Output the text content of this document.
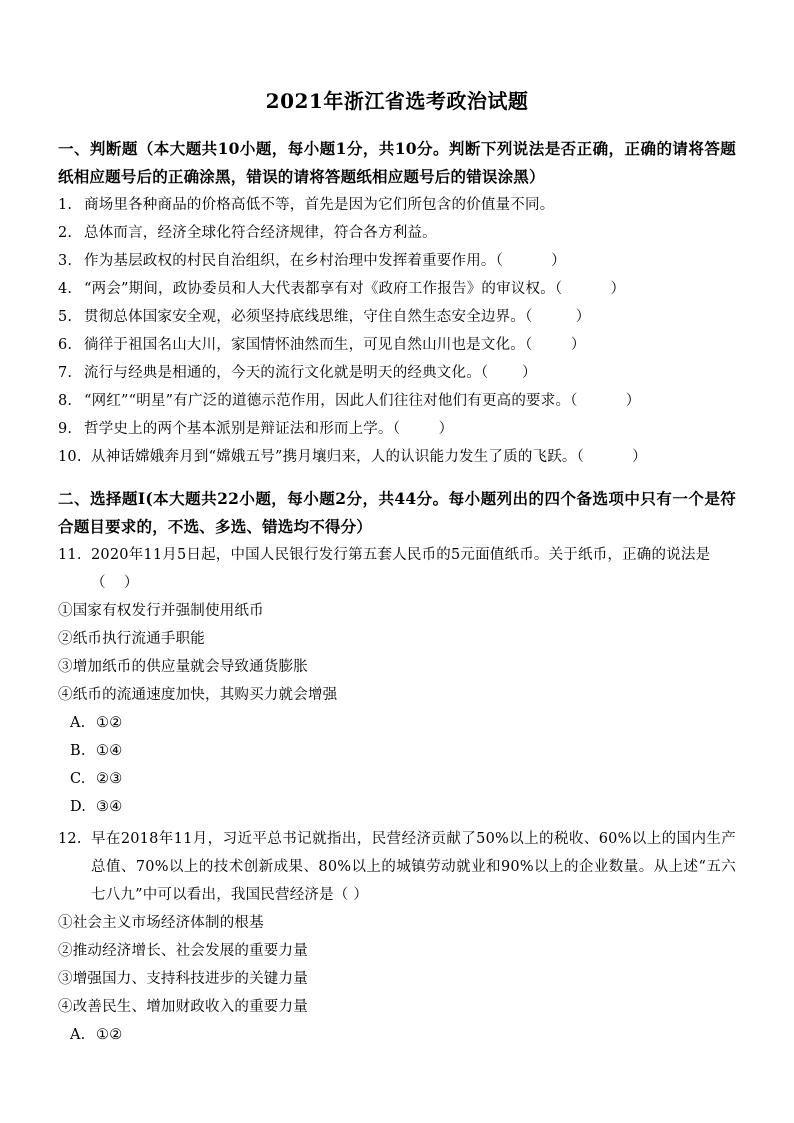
2021年浙江省选考政治试题

一、判断题（本大题共10小题，每小题1分，共10分。判断下列说法是否正确，正确的请将答题纸相应题号后的正确涂黑，错误的请将答题纸相应题号后的错误涂黑）

1. 商场里各种商品的价格高低不等，首先是因为它们所包含的价值量不同。
2. 总体而言，经济全球化符合经济规律，符合各方利益。
3. 作为基层政权的村民自治组织，在乡村治理中发挥着重要作用。（          ）
4. “两会”期间，政协委员和人大代表都享有对《政府工作报告》的审议权。（          ）
5. 贯彻总体国家安全观，必须坚持底线思维，守住自然生态安全边界。（         ）
6. 徜徉于祖国名山大川，家国情怀油然而生，可见自然山川也是文化。（        ）
7. 流行与经典是相通的，今天的流行文化就是明天的经典文化。（       ）
8. “网红”“明星”有广泛的道德示范作用，因此人们往往对他们有更高的要求。（          ）
9. 哲学史上的两个基本派别是辩证法和形而上学。（        ）
10. 从神话嫦娥奔月到“嫦娥五号”携月壤归来，人的认识能力发生了质的飞跃。（          ）

二、选择题I(本大题共22小题，每小题2分，共44分。每小题列出的四个备选项中只有一个是符合题目要求的，不选、多选、错选均不得分）

11. 2020年11月5日起，中国人民银行发行第五套人民币的5元面值纸币。关于纸币，正确的说法是
（    ）
①国家有权发行并强制使用纸币
②纸币执行流通手职能
③增加纸币的供应量就会导致通货膨胀
④纸币的流通速度加快，其购买力就会增强
A. ①②
B. ①④
C. ②③
D. ③④
12. 早在2018年11月，习近平总书记就指出，民营经济贡献了50%以上的税收、60%以上的国内生产总值、70%以上的技术创新成果、80%以上的城镇劳动就业和90%以上的企业数量。从上述“五六七八九”中可以看出，我国民营经济是（ ）
①社会主义市场经济体制的根基
②推动经济增长、社会发展的重要力量
③增强国力、支持科技进步的关键力量
④改善民生、增加财政收入的重要力量
A. ①②
